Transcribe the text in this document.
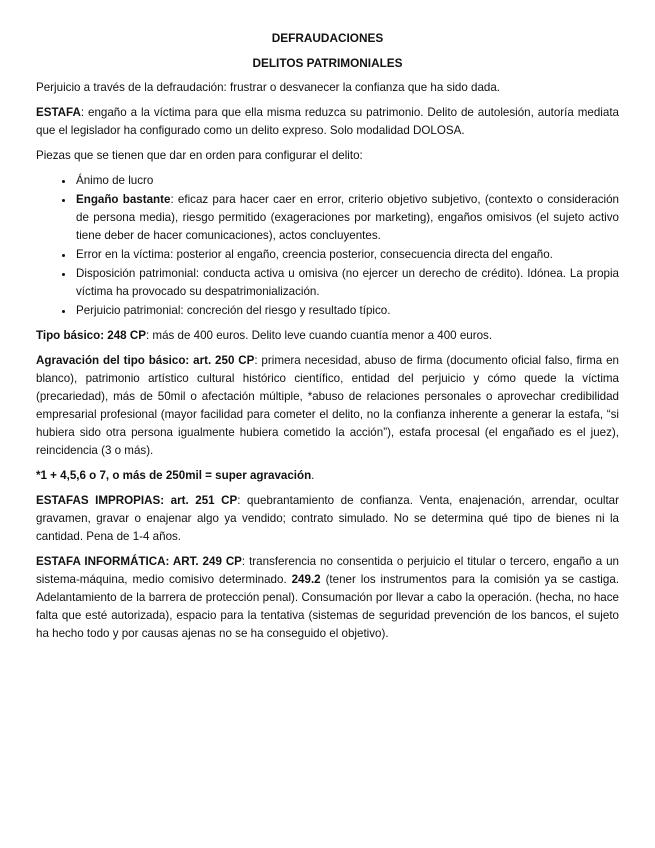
DEFRAUDACIONES
DELITOS PATRIMONIALES

Perjuicio a través de la defraudación: frustrar o desvanecer la confianza que ha sido dada.

ESTAFA: engaño a la víctima para que ella misma reduzca su patrimonio. Delito de autolesión, autoría mediata que el legislador ha configurado como un delito expreso. Solo modalidad DOLOSA.

Piezas que se tienen que dar en orden para configurar el delito:

• Ánimo de lucro
• Engaño bastante: eficaz para hacer caer en error, criterio objetivo subjetivo, (contexto o consideración de persona media), riesgo permitido (exageraciones por marketing), engaños omisivos (el sujeto activo tiene deber de hacer comunicaciones), actos concluyentes.
• Error en la víctima: posterior al engaño, creencia posterior, consecuencia directa del engaño.
• Disposición patrimonial: conducta activa u omisiva (no ejercer un derecho de crédito). Idónea. La propia víctima ha provocado su despatrimonialización.
• Perjuicio patrimonial: concreción del riesgo y resultado típico.

Tipo básico: 248 CP: más de 400 euros. Delito leve cuando cuantía menor a 400 euros.

Agravación del tipo básico: art. 250 CP: primera necesidad, abuso de firma (documento oficial falso, firma en blanco), patrimonio artístico cultural histórico científico, entidad del perjuicio y cómo quede la víctima (precariedad), más de 50mil o afectación múltiple, *abuso de relaciones personales o aprovechar credibilidad empresarial profesional (mayor facilidad para cometer el delito, no la confianza inherente a generar la estafa, “si hubiera sido otra persona igualmente hubiera cometido la acción”), estafa procesal (el engañado es el juez), reincidencia (3 o más).

*1 + 4,5,6 o 7, o más de 250mil = super agravación.

ESTAFAS IMPROPIAS: art. 251 CP: quebrantamiento de confianza. Venta, enajenación, arrendar, ocultar gravamen, gravar o enajenar algo ya vendido; contrato simulado. No se determina qué tipo de bienes ni la cantidad. Pena de 1-4 años.

ESTAFA INFORMÁTICA: ART. 249 CP: transferencia no consentida o perjuicio el titular o tercero, engaño a un sistema-máquina, medio comisivo determinado. 249.2 (tener los instrumentos para la comisión ya se castiga. Adelantamiento de la barrera de protección penal). Consumación por llevar a cabo la operación. (hecha, no hace falta que esté autorizada), espacio para la tentativa (sistemas de seguridad prevención de los bancos, el sujeto ha hecho todo y por causas ajenas no se ha conseguido el objetivo).
